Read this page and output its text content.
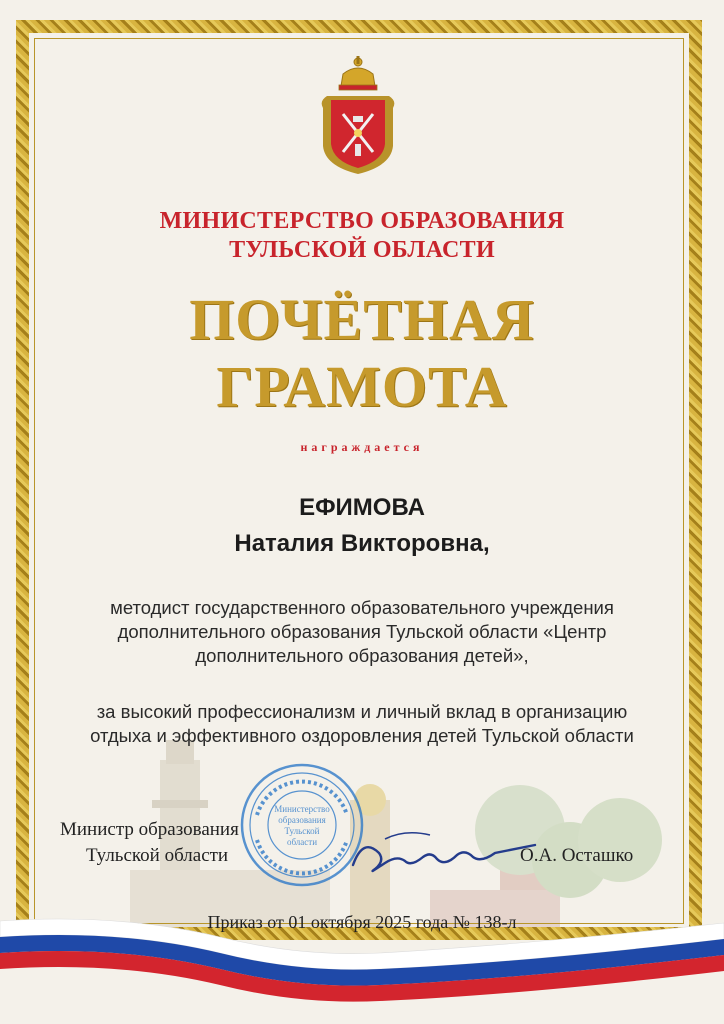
МИНИСТЕРСТВО ОБРАЗОВАНИЯ
ТУЛЬСКОЙ ОБЛАСТИ
ПОЧЁТНАЯ
ГРАМОТА
награждается
ЕФИМОВА
Наталия Викторовна,
методист государственного образовательного учреждения
дополнительного образования Тульской области «Центр
дополнительного образования детей»,
за высокий профессионализм и личный вклад в организацию
отдыха и эффективного оздоровления детей Тульской области
Министерство
образования
Тульской
области
Министр образования
Тульской области	О.А. Осташко
Приказ от 01 октября 2025 года № 138-л
